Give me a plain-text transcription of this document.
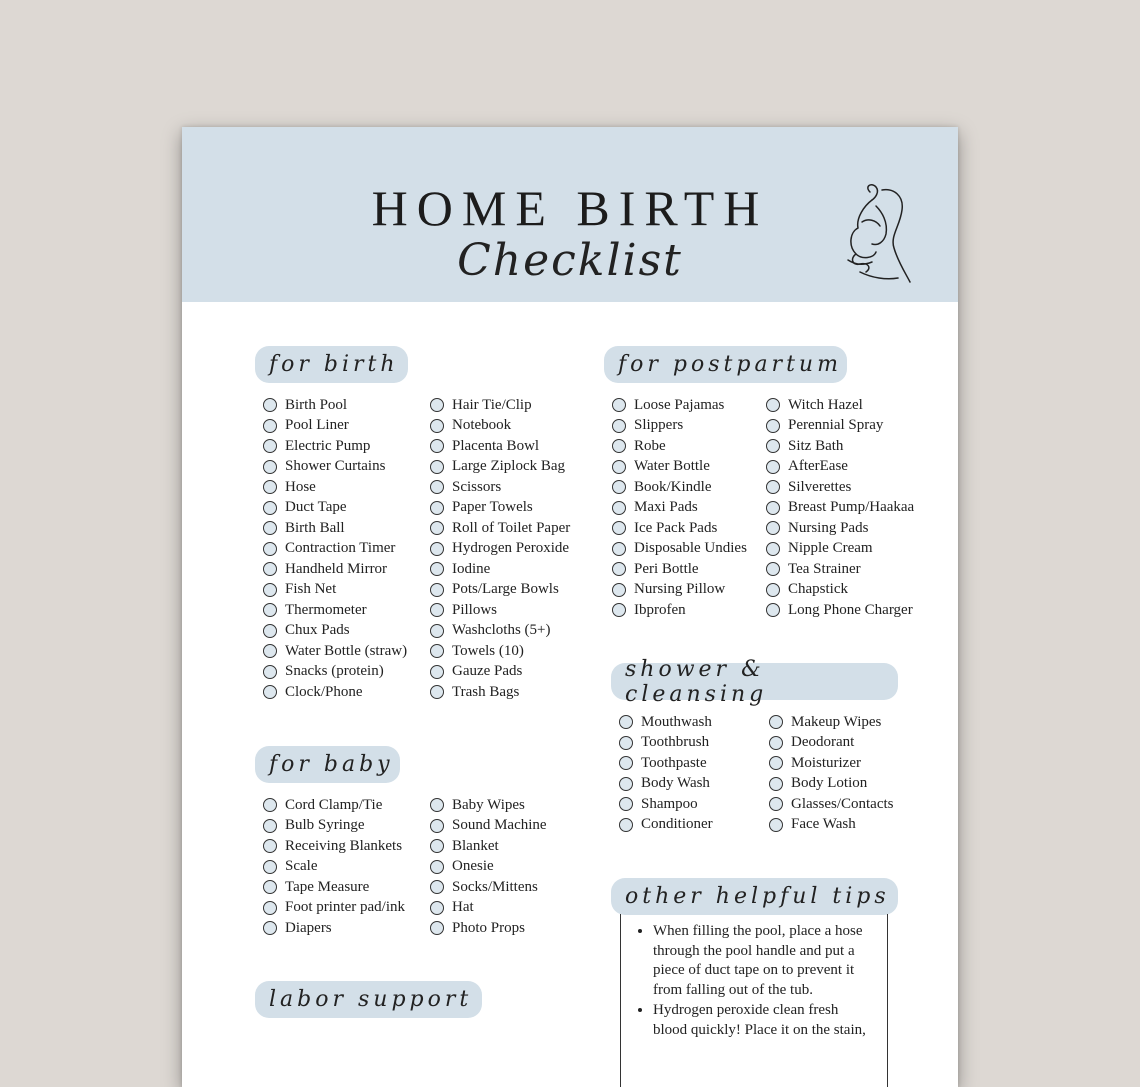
HOME BIRTH
Checklist
for birth
Birth Pool
Pool Liner
Electric Pump
Shower Curtains
Hose
Duct Tape
Birth Ball
Contraction Timer
Handheld Mirror
Fish Net
Thermometer
Chux Pads
Water Bottle (straw)
Snacks (protein)
Clock/Phone
Hair Tie/Clip
Notebook
Placenta Bowl
Large Ziplock Bag
Scissors
Paper Towels
Roll of Toilet Paper
Hydrogen Peroxide
Iodine
Pots/Large Bowls
Pillows
Washcloths (5+)
Towels (10)
Gauze Pads
Trash Bags
for postpartum
Loose Pajamas
Slippers
Robe
Water Bottle
Book/Kindle
Maxi Pads
Ice Pack Pads
Disposable Undies
Peri Bottle
Nursing Pillow
Ibprofen
Witch Hazel
Perennial Spray
Sitz Bath
AfterEase
Silverettes
Breast Pump/Haakaa
Nursing Pads
Nipple Cream
Tea Strainer
Chapstick
Long Phone Charger
for baby
Cord Clamp/Tie
Bulb Syringe
Receiving Blankets
Scale
Tape Measure
Foot printer pad/ink
Diapers
Baby Wipes
Sound Machine
Blanket
Onesie
Socks/Mittens
Hat
Photo Props
shower & cleansing
Mouthwash
Toothbrush
Toothpaste
Body Wash
Shampoo
Conditioner
Makeup Wipes
Deodorant
Moisturizer
Body Lotion
Glasses/Contacts
Face Wash
labor support
other helpful tips
• When filling the pool, place a hose through the pool handle and put a piece of duct tape on to prevent it from falling out of the tub.
• Hydrogen peroxide clean fresh blood quickly! Place it on the stain,
